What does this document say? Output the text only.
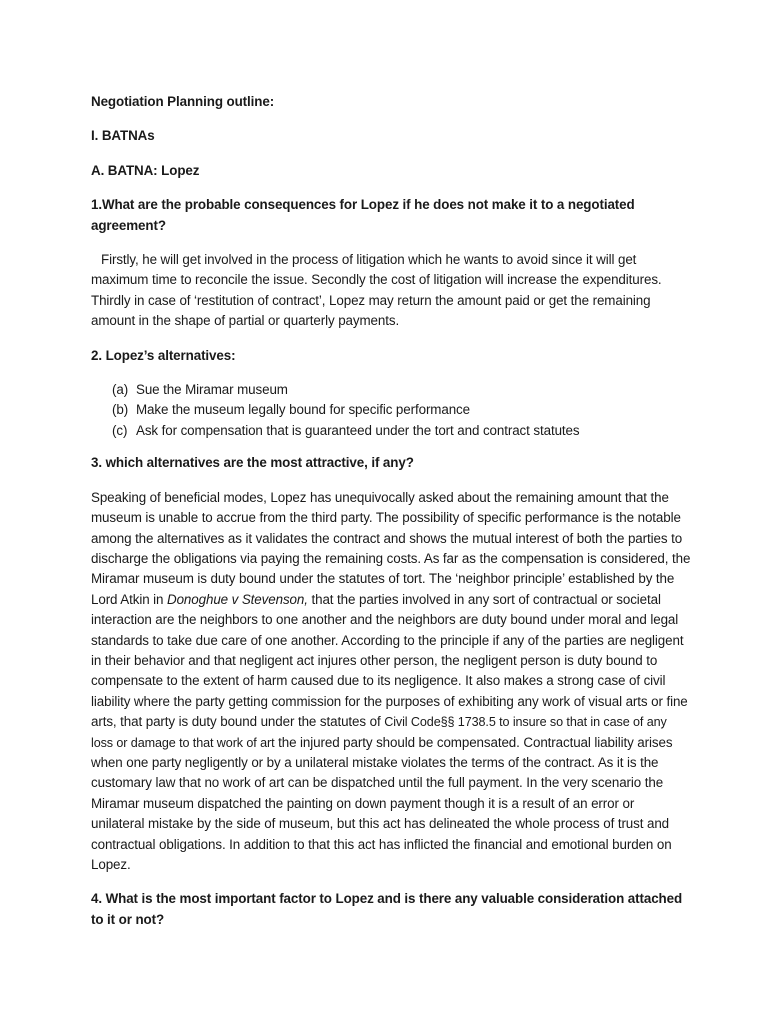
Negotiation Planning outline:
I. BATNAs
A. BATNA: Lopez
1.What are the probable consequences for Lopez if he does not make it to a negotiated agreement?

Firstly, he will get involved in the process of litigation which he wants to avoid since it will get maximum time to reconcile the issue. Secondly the cost of litigation will increase the expenditures. Thirdly in case of ‘restitution of contract’, Lopez may return the amount paid or get the remaining amount in the shape of partial or quarterly payments.

2. Lopez’s alternatives:
(a) Sue the Miramar museum
(b) Make the museum legally bound for specific performance
(c) Ask for compensation that is guaranteed under the tort and contract statutes
3. which alternatives are the most attractive, if any?

Speaking of beneficial modes, Lopez has unequivocally asked about the remaining amount that the museum is unable to accrue from the third party. The possibility of specific performance is the notable among the alternatives as it validates the contract and shows the mutual interest of both the parties to discharge the obligations via paying the remaining costs. As far as the compensation is considered, the Miramar museum is duty bound under the statutes of tort. The ‘neighbor principle’ established by the Lord Atkin in Donoghue v Stevenson, that the parties involved in any sort of contractual or societal interaction are the neighbors to one another and the neighbors are duty bound under moral and legal standards to take due care of one another. According to the principle if any of the parties are negligent in their behavior and that negligent act injures other person, the negligent person is duty bound to compensate to the extent of harm caused due to its negligence. It also makes a strong case of civil liability where the party getting commission for the purposes of exhibiting any work of visual arts or fine arts, that party is duty bound under the statutes of Civil Code§§ 1738.5 to insure so that in case of any loss or damage to that work of art the injured party should be compensated. Contractual liability arises when one party negligently or by a unilateral mistake violates the terms of the contract. As it is the customary law that no work of art can be dispatched until the full payment. In the very scenario the Miramar museum dispatched the painting on down payment though it is a result of an error or unilateral mistake by the side of museum, but this act has delineated the whole process of trust and contractual obligations. In addition to that this act has inflicted the financial and emotional burden on Lopez.

4. What is the most important factor to Lopez and is there any valuable consideration attached to it or not?
